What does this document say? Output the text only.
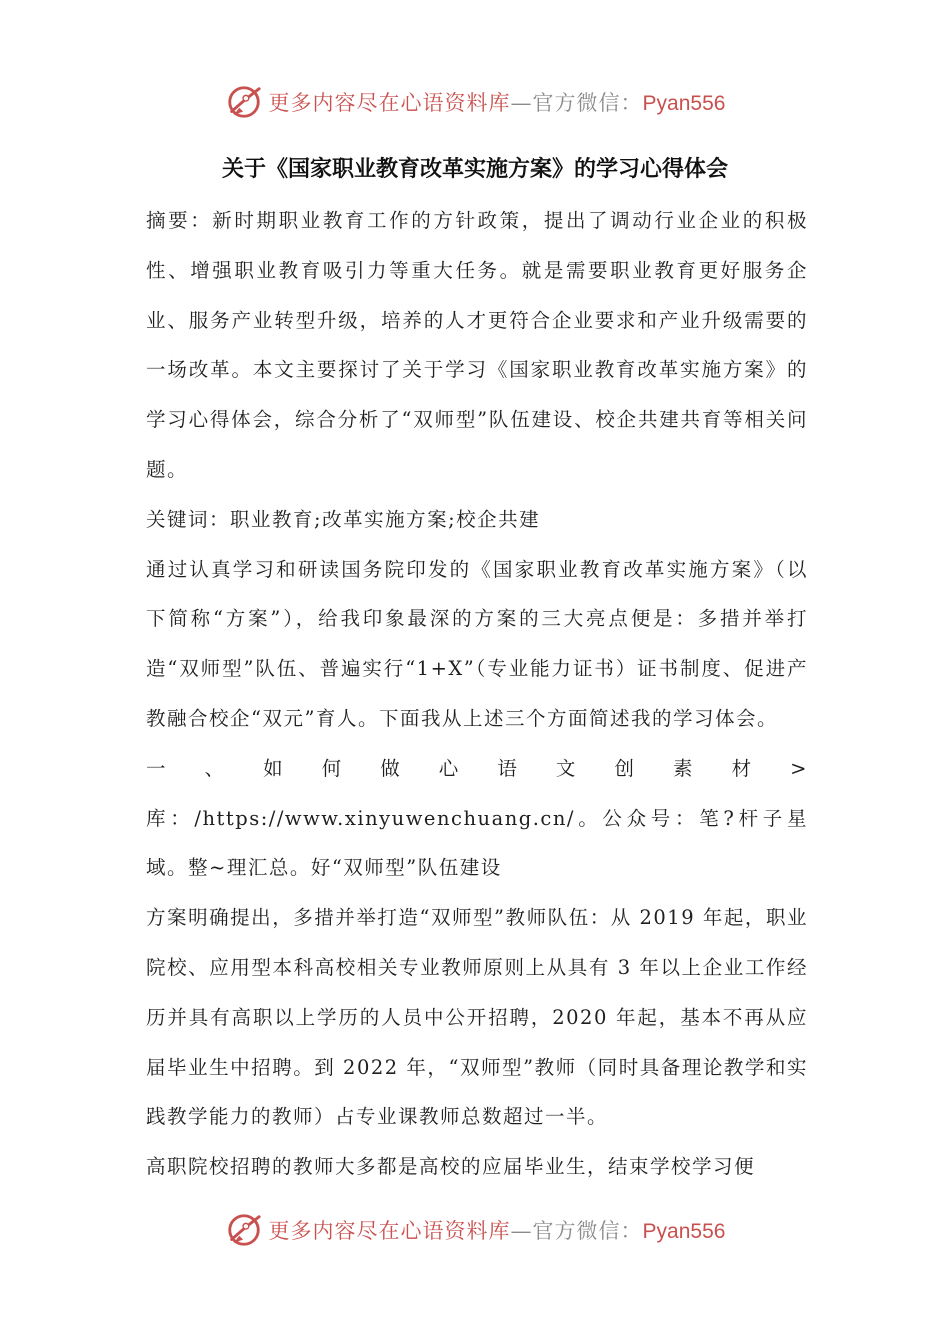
更多内容尽在心语资料库—官方微信：Pyan556
关于《国家职业教育改革实施方案》的学习心得体会

摘要：新时期职业教育工作的方针政策，提出了调动行业企业的积极性、增强职业教育吸引力等重大任务。就是需要职业教育更好服务企业、服务产业转型升级，培养的人才更符合企业要求和产业升级需要的一场改革。本文主要探讨了关于学习《国家职业教育改革实施方案》的学习心得体会，综合分析了“双师型”队伍建设、校企共建共育等相关问题。

关键词：职业教育;改革实施方案;校企共建

通过认真学习和研读国务院印发的《国家职业教育改革实施方案》（以下简称“方案”），给我印象最深的方案的三大亮点便是：多措并举打造“双师型”队伍、普遍实行“1+X”（专业能力证书）证书制度、促进产教融合校企“双元”育人。下面我从上述三个方面简述我的学习体会。

一、如何做心语文创素材>库：/https://www.xinyuwenchuang.cn/。公众号：笔?杆子星域。整~理汇总。好“双师型”队伍建设

方案明确提出，多措并举打造“双师型”教师队伍：从 2019 年起，职业院校、应用型本科高校相关专业教师原则上从具有 3 年以上企业工作经历并具有高职以上学历的人员中公开招聘，2020 年起，基本不再从应届毕业生中招聘。到 2022 年，“双师型”教师（同时具备理论教学和实践教学能力的教师）占专业课教师总数超过一半。

高职院校招聘的教师大多都是高校的应届毕业生，结束学校学习便

更多内容尽在心语资料库—官方微信：Pyan556
